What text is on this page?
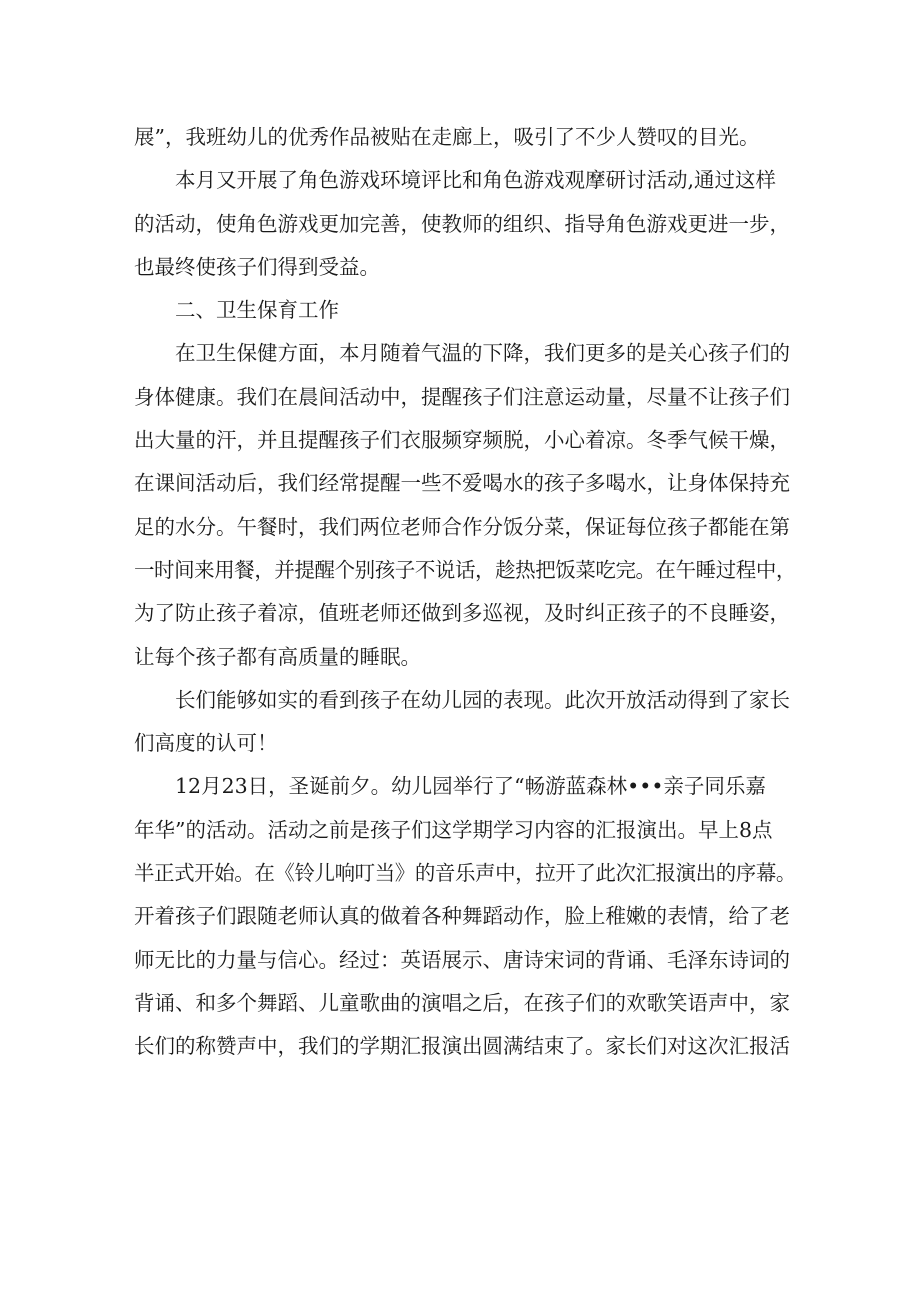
展”，我班幼儿的优秀作品被贴在走廊上，吸引了不少人赞叹的目光。

本月又开展了角色游戏环境评比和角色游戏观摩研讨活动,通过这样
的活动，使角色游戏更加完善，使教师的组织、指导角色游戏更进一步，
也最终使孩子们得到受益。

二、卫生保育工作

在卫生保健方面，本月随着气温的下降，我们更多的是关心孩子们的
身体健康。我们在晨间活动中，提醒孩子们注意运动量，尽量不让孩子们
出大量的汗，并且提醒孩子们衣服频穿频脱，小心着凉。冬季气候干燥，
在课间活动后，我们经常提醒一些不爱喝水的孩子多喝水，让身体保持充
足的水分。午餐时，我们两位老师合作分饭分菜，保证每位孩子都能在第
一时间来用餐，并提醒个别孩子不说话，趁热把饭菜吃完。在午睡过程中，
为了防止孩子着凉，值班老师还做到多巡视，及时纠正孩子的不良睡姿，
让每个孩子都有高质量的睡眠。

长们能够如实的看到孩子在幼儿园的表现。此次开放活动得到了家长
们高度的认可！

12月23日，圣诞前夕。幼儿园举行了“畅游蓝森林•••亲子同乐嘉
年华”的活动。活动之前是孩子们这学期学习内容的汇报演出。早上8点
半正式开始。在《铃儿响叮当》的音乐声中，拉开了此次汇报演出的序幕。
开着孩子们跟随老师认真的做着各种舞蹈动作，脸上稚嫩的表情，给了老
师无比的力量与信心。经过：英语展示、唐诗宋词的背诵、毛泽东诗词的
背诵、和多个舞蹈、儿童歌曲的演唱之后，在孩子们的欢歌笑语声中，家
长们的称赞声中，我们的学期汇报演出圆满结束了。家长们对这次汇报活
